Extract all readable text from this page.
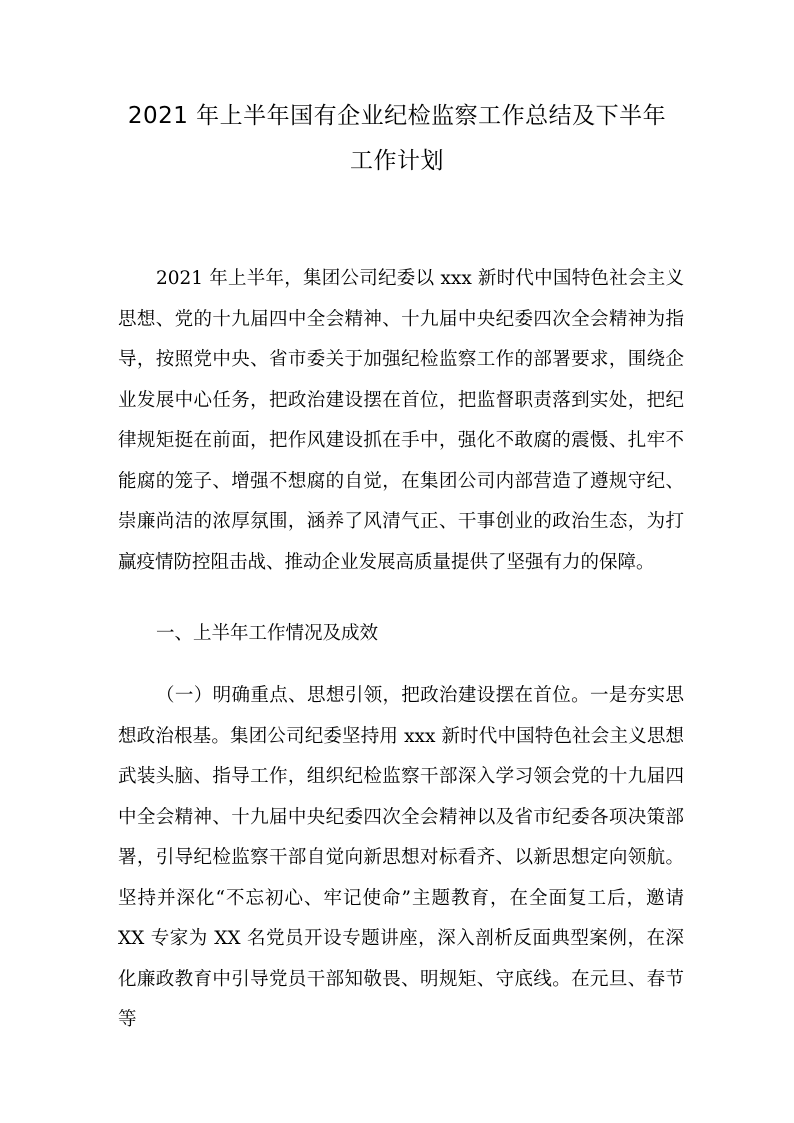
2021 年上半年国有企业纪检监察工作总结及下半年
工作计划

2021 年上半年，集团公司纪委以 xxx 新时代中国特色社会主义思想、党的十九届四中全会精神、十九届中央纪委四次全会精神为指导，按照党中央、省市委关于加强纪检监察工作的部署要求，围绕企业发展中心任务，把政治建设摆在首位，把监督职责落到实处，把纪律规矩挺在前面，把作风建设抓在手中，强化不敢腐的震慑、扎牢不能腐的笼子、增强不想腐的自觉，在集团公司内部营造了遵规守纪、崇廉尚洁的浓厚氛围，涵养了风清气正、干事创业的政治生态，为打赢疫情防控阻击战、推动企业发展高质量提供了坚强有力的保障。

一、上半年工作情况及成效

（一）明确重点、思想引领，把政治建设摆在首位。一是夯实思想政治根基。集团公司纪委坚持用 xxx 新时代中国特色社会主义思想武装头脑、指导工作，组织纪检监察干部深入学习领会党的十九届四中全会精神、十九届中央纪委四次全会精神以及省市纪委各项决策部署，引导纪检监察干部自觉向新思想对标看齐、以新思想定向领航。坚持并深化“不忘初心、牢记使命”主题教育，在全面复工后，邀请 XX 专家为 XX 名党员开设专题讲座，深入剖析反面典型案例，在深化廉政教育中引导党员干部知敬畏、明规矩、守底线。在元旦、春节等
